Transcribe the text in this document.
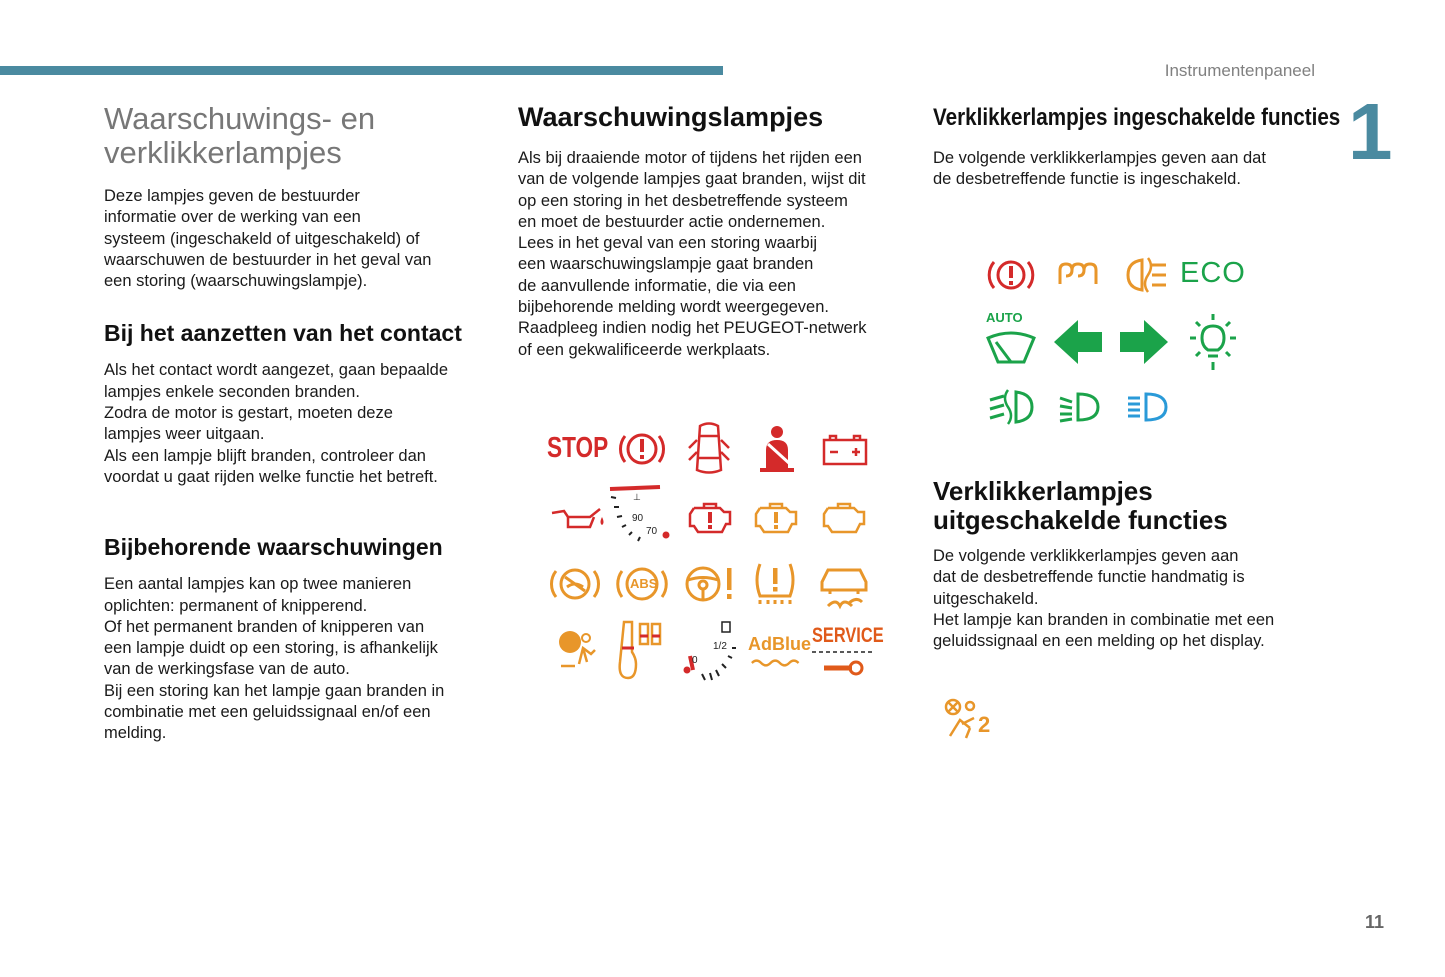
Instrumentenpaneel
1
Waarschuwings- en
verklikkerlampjes

Deze lampjes geven de bestuurder
informatie over de werking van een
systeem (ingeschakeld of uitgeschakeld) of
waarschuwen de bestuurder in het geval van
een storing (waarschuwingslampje).

Bij het aanzetten van het contact

Als het contact wordt aangezet, gaan bepaalde
lampjes enkele seconden branden.
Zodra de motor is gestart, moeten deze
lampjes weer uitgaan.
Als een lampje blijft branden, controleer dan
voordat u gaat rijden welke functie het betreft.

Bijbehorende waarschuwingen

Een aantal lampjes kan op twee manieren
oplichten: permanent of knipperend.
Of het permanent branden of knipperen van
een lampje duidt op een storing, is afhankelijk
van de werkingsfase van de auto.
Bij een storing kan het lampje gaan branden in
combinatie met een geluidssignaal en/of een
melding.

Waarschuwingslampjes

Als bij draaiende motor of tijdens het rijden een
van de volgende lampjes gaat branden, wijst dit
op een storing in het desbetreffende systeem
en moet de bestuurder actie ondernemen.
Lees in het geval van een storing waarbij
een waarschuwingslampje gaat branden
de aanvullende informatie, die via een
bijbehorende melding wordt weergegeven.
Raadpleeg indien nodig het PEUGEOT-netwerk
of een gekwalificeerde werkplaats.

Verklikkerlampjes ingeschakelde functies

De volgende verklikkerlampjes geven aan dat
de desbetreffende functie is ingeschakeld.

Verklikkerlampjes
uitgeschakelde functies

De volgende verklikkerlampjes geven aan
dat de desbetreffende functie handmatig is
uitgeschakeld.
Het lampje kan branden in combinatie met een
geluidssignaal en een melding op het display.

STOP
⊥
90
70
ABS
1/2
0
AdBlue SERVICE
ECO
AUTO
2
11
